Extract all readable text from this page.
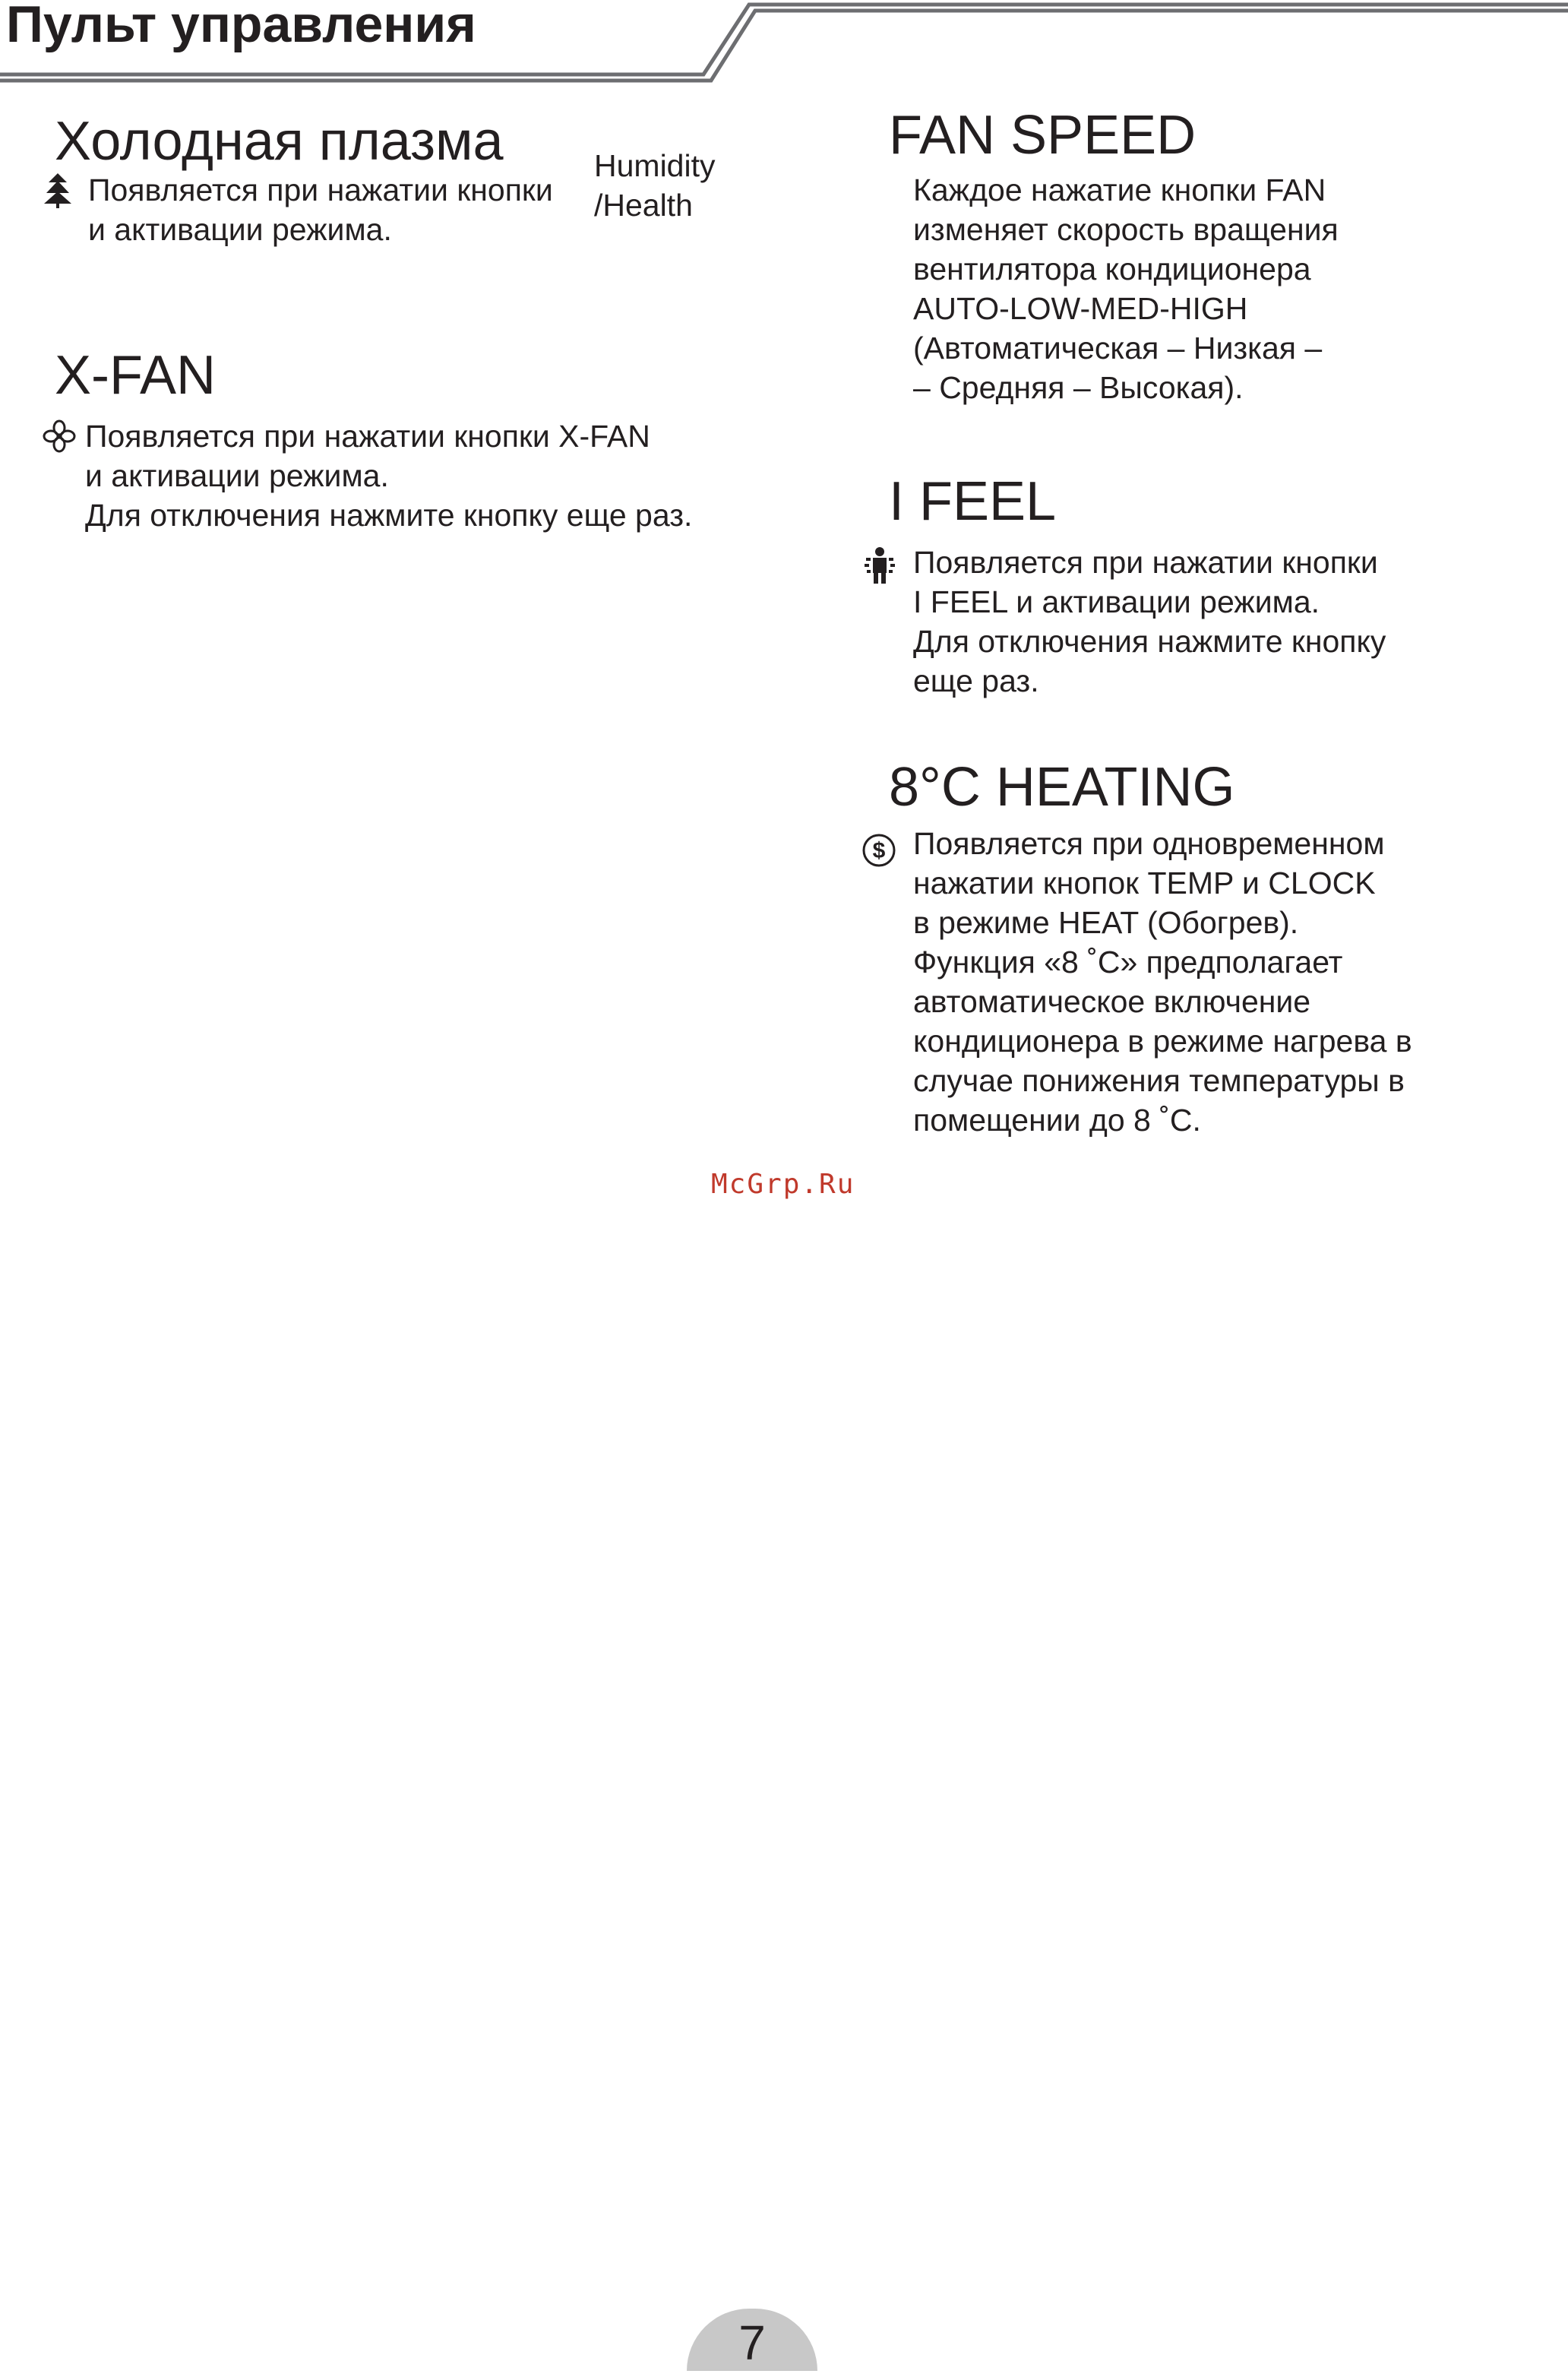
Пульт управления
Холодная плазма
Появляется при нажатии кнопки
и активации режима.
Humidity
/Health
X-FAN
Появляется при нажатии кнопки X-FAN
и активации режима.
Для отключения нажмите кнопку еще раз.
FAN SPEED
Каждое нажатие кнопки FAN
изменяет скорость вращения
вентилятора кондиционера
AUTO-LOW-MED-HIGH
(Автоматическая – Низкая –
– Средняя – Высокая).
I FEEL
Появляется при нажатии кнопки
I FEEL и активации режима.
Для отключения нажмите кнопку
еще раз.
8°C HEATING
$ Появляется при одновременном
нажатии кнопок TEMP и CLOCK
в режиме HEAT (Обогрев).
Функция «8 ˚С» предполагает
автоматическое включение
кондиционера в режиме нагрева в
случае понижения температуры в
помещении до 8 ˚С.
McGrp.Ru
7
